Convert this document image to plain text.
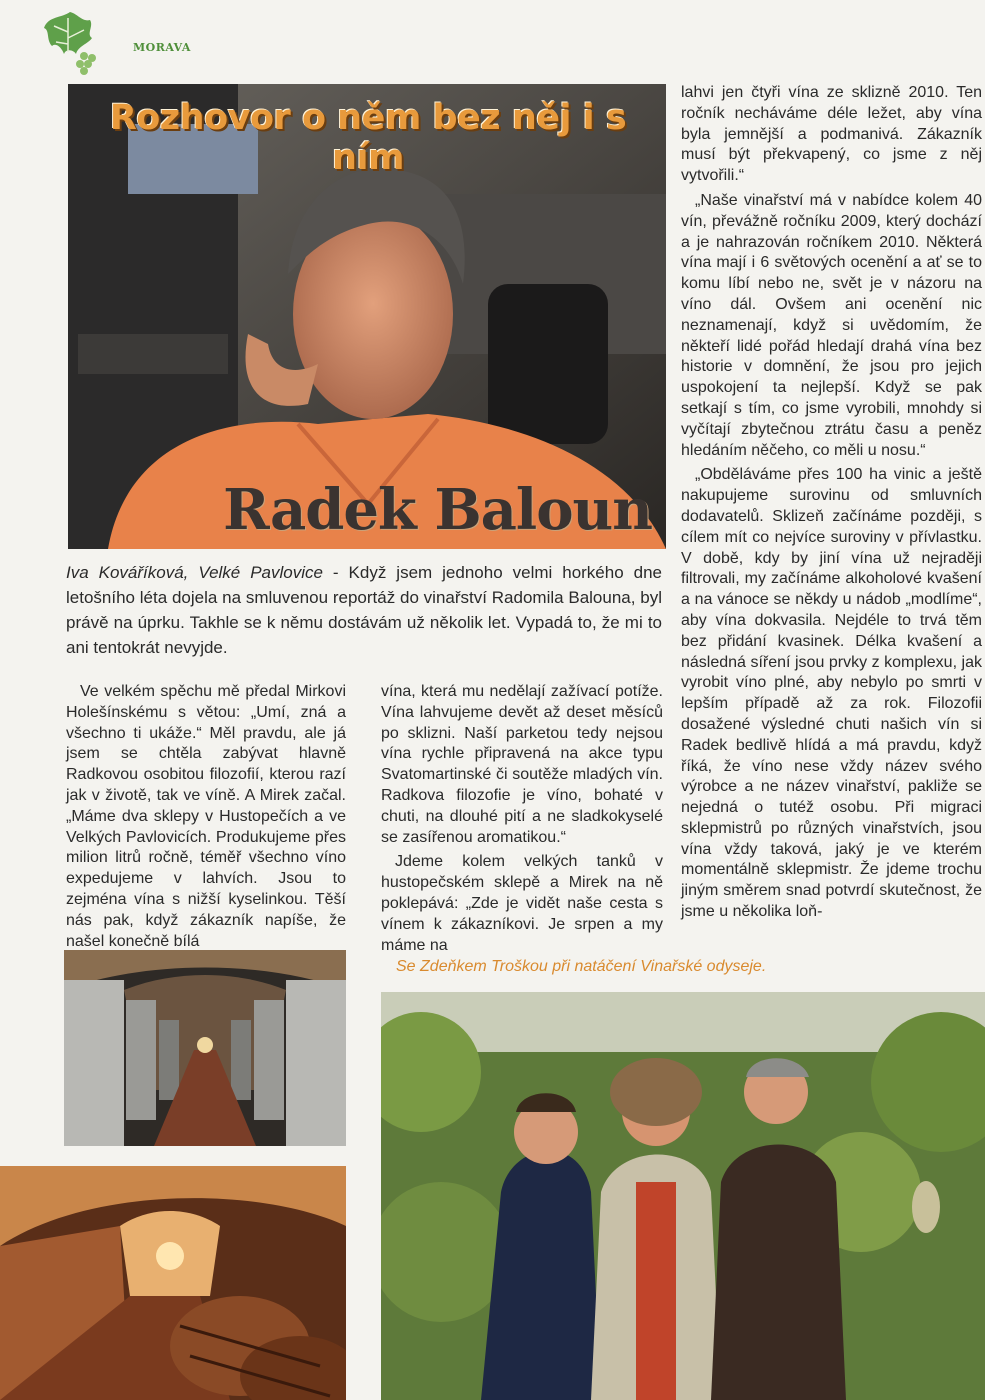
MORAVA
Rozhovor o něm bez něj i s ním
Radek Baloun
Iva Kováříková, Velké Pavlovice - Když jsem jednoho velmi horkého dne letošního léta dojela na smluvenou reportáž do vinařství Radomila Balouna, byl právě na úprku. Takhle se k němu dostávám už několik let. Vypadá to, že mi to ani tentokrát nevyjde.

Ve velkém spěchu mě předal Mirkovi Holešínskému s větou: „Umí, zná a všechno ti ukáže.“ Měl pravdu, ale já jsem se chtěla zabývat hlavně Radkovou osobitou filozofií, kterou razí jak v životě, tak ve víně. A Mirek začal. „Máme dva sklepy v Hustopečích a ve Velkých Pavlovicích. Produkujeme přes milion litrů ročně, téměř všechno víno expedujeme v lahvích. Jsou to zejména vína s nižší kyselinkou. Těší nás pak, když zákazník napíše, že našel konečně bílá

vína, která mu nedělají zažívací potíže. Vína lahvujeme devět až deset měsíců po sklizni. Naší parketou tedy nejsou vína rychle připravená na akce typu Svatomartinské či soutěže mladých vín. Radkova filozofie je víno, bohaté v chuti, na dlouhé pití a ne sladkokyselé se zasířenou aromatikou.“

Jdeme kolem velkých tanků v hustopečském sklepě a Mirek na ně poklepává: „Zde je vidět naše cesta s vínem k zákazníkovi. Je srpen a my máme na

lahvi jen čtyři vína ze sklizně 2010. Ten ročník necháváme déle ležet, aby vína byla jemnější a podmanivá. Zákazník musí být překvapený, co jsme z něj vytvořili.“

„Naše vinařství má v nabídce kolem 40 vín, převážně ročníku 2009, který dochází a je nahrazován ročníkem 2010. Některá vína mají i 6 světových ocenění a ať se to komu líbí nebo ne, svět je v názoru na víno dál. Ovšem ani ocenění nic neznamenají, když si uvědomím, že někteří lidé pořád hledají drahá vína bez historie v domnění, že jsou pro jejich uspokojení ta nejlepší. Když se pak setkají s tím, co jsme vyrobili, mnohdy si vyčítají zbytečnou ztrátu času a peněz hledáním něčeho, co měli u nosu.“

„Obděláváme přes 100 ha vinic a ještě nakupujeme surovinu od smluvních dodavatelů. Sklizeň začínáme později, s cílem mít co nejvíce suroviny v přívlastku. V době, kdy by jiní vína už nejraději filtrovali, my začínáme alkoholové kvašení a na vánoce se někdy u nádob „modlíme“, aby vína dokvasila. Nejdéle to trvá těm bez přidání kvasinek. Délka kvašení a následná síření jsou prvky z komplexu, jak vyrobit víno plné, aby nebylo po smrti v lepším případě až za rok. Filozofii dosažené výsledné chuti našich vín si Radek bedlivě hlídá a má pravdu, když říká, že víno nese vždy název svého výrobce a ne název vinařství, pakliže se nejedná o tutéž osobu. Při migraci sklepmistrů po různých vinařstvích, jsou vína vždy taková, jaký je ve kterém momentálně sklepmistr. Že jdeme trochu jiným směrem snad potvrdí skutečnost, že jsme u několika loň-

Se Zdeňkem Troškou při natáčení Vinařské odyseje.
